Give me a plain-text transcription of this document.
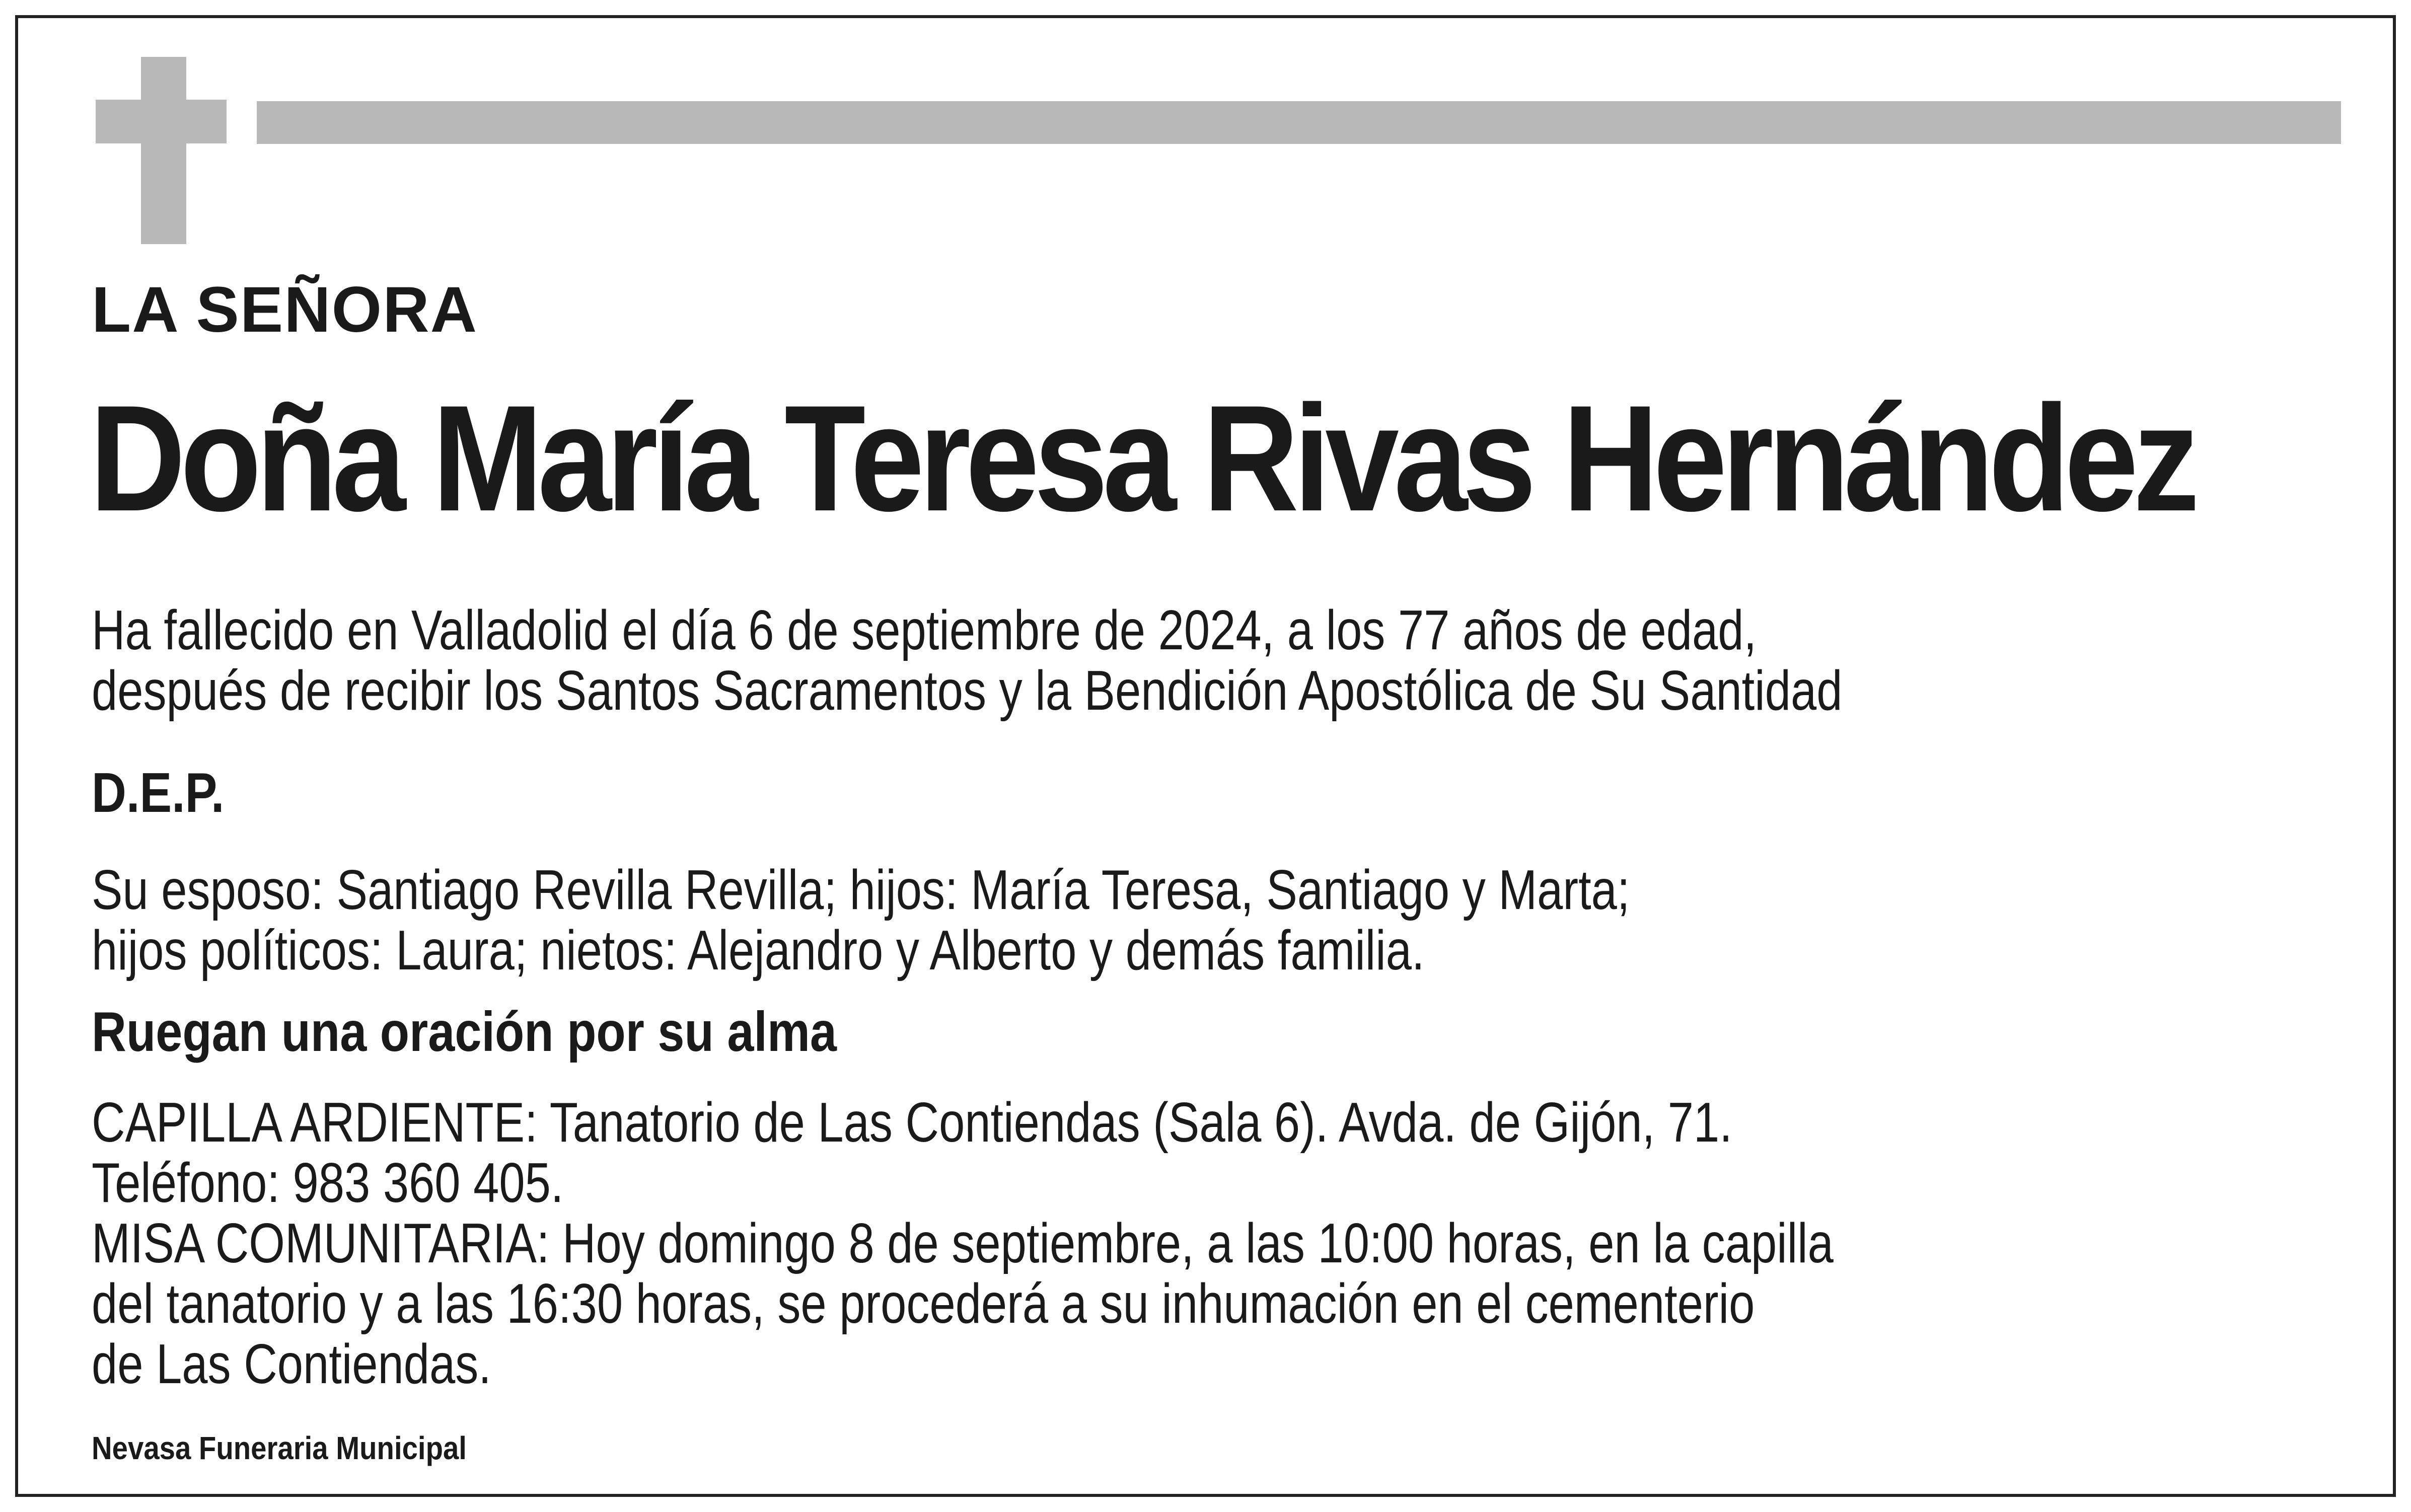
LA SEÑORA
Doña María Teresa Rivas Hernández
Ha fallecido en Valladolid el día 6 de septiembre de 2024, a los 77 años de edad,
después de recibir los Santos Sacramentos y la Bendición Apostólica de Su Santidad
D.E.P.
Su esposo: Santiago Revilla Revilla; hijos: María Teresa, Santiago y Marta;
hijos políticos: Laura; nietos: Alejandro y Alberto y demás familia.
Ruegan una oración por su alma
CAPILLA ARDIENTE: Tanatorio de Las Contiendas (Sala 6). Avda. de Gijón, 71.
Teléfono: 983 360 405.
MISA COMUNITARIA: Hoy domingo 8 de septiembre, a las 10:00 horas, en la capilla
del tanatorio y a las 16:30 horas, se procederá a su inhumación en el cementerio
de Las Contiendas.
Nevasa Funeraria Municipal
